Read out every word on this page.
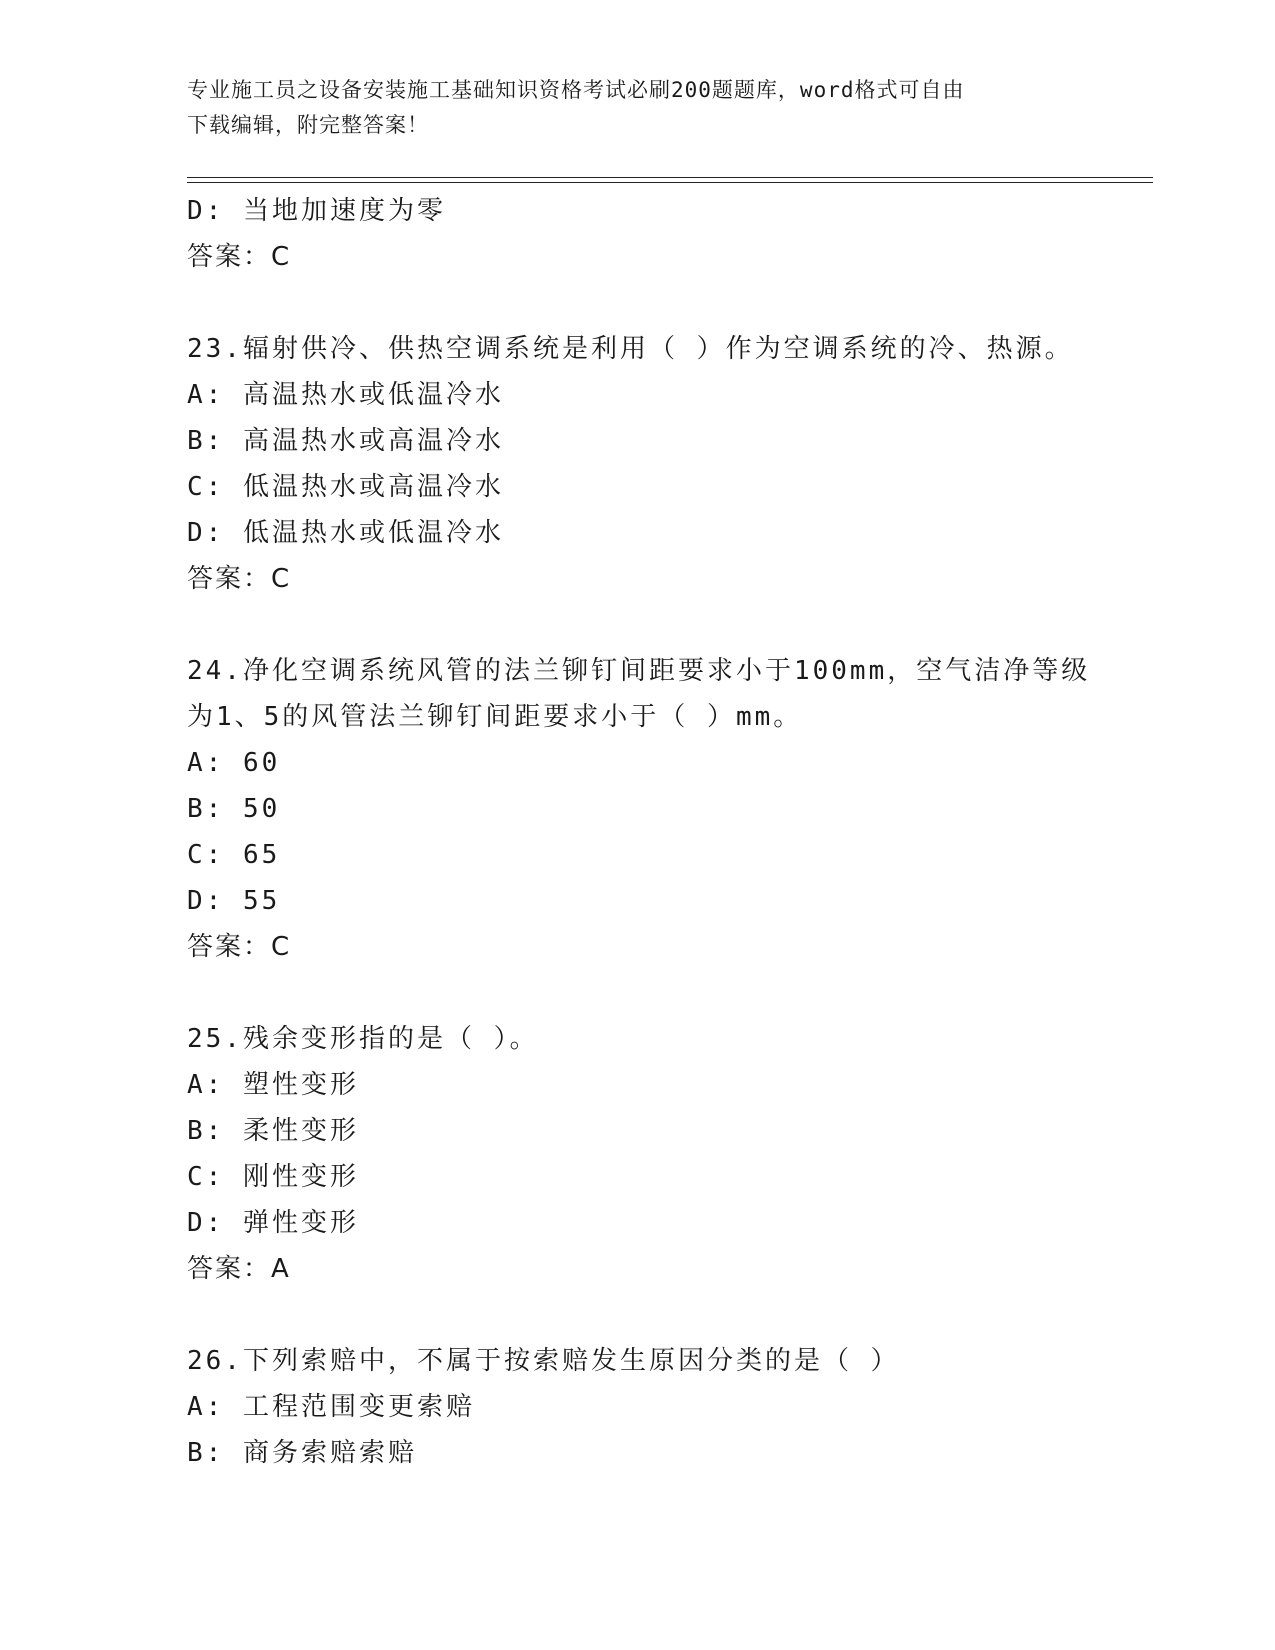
专业施工员之设备安装施工基础知识资格考试必刷200题题库，word格式可自由
下载编辑，附完整答案！
D: 当地加速度为零
答案：C
23.辐射供冷、供热空调系统是利用（ ）作为空调系统的冷、热源。
A: 高温热水或低温冷水
B: 高温热水或高温冷水
C: 低温热水或高温冷水
D: 低温热水或低温冷水
答案：C
24.净化空调系统风管的法兰铆钉间距要求小于100mm，空气洁净等级
为1、5的风管法兰铆钉间距要求小于（ ）mm。
A: 60
B: 50
C: 65
D: 55
答案：C
25.残余变形指的是（ ）。
A: 塑性变形
B: 柔性变形
C: 刚性变形
D: 弹性变形
答案：A
26.下列索赔中，不属于按索赔发生原因分类的是（ ）
A: 工程范围变更索赔
B: 商务索赔索赔
